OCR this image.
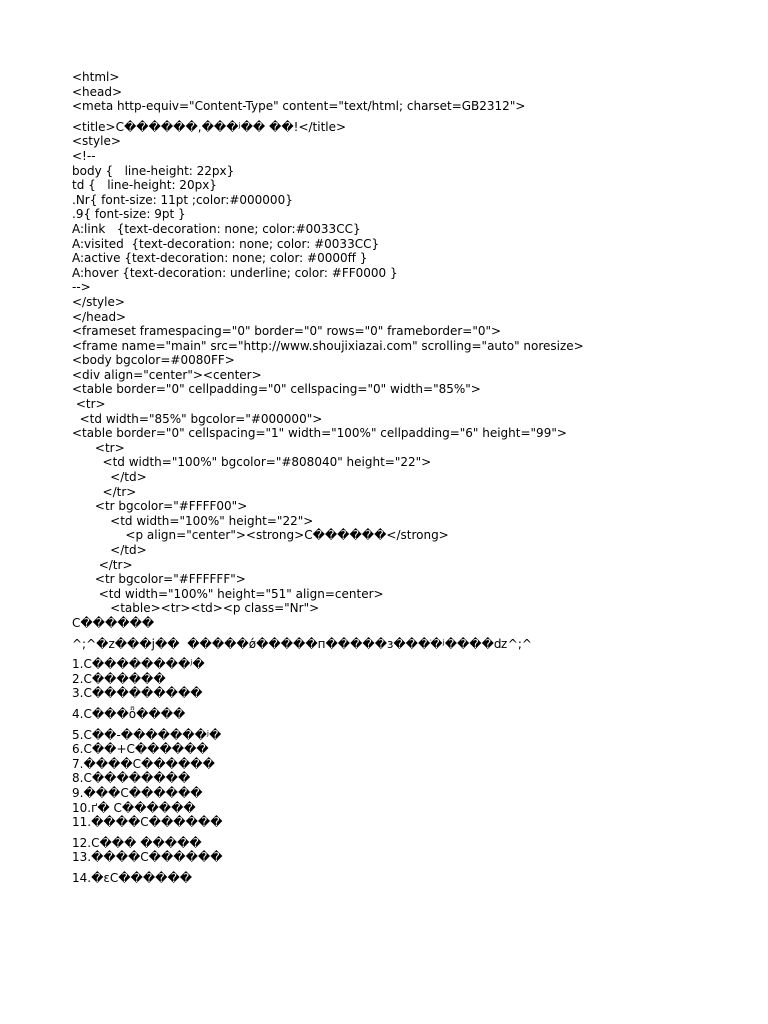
<html>
<head>
<meta http-equiv="Content-Type" content="text/html; charset=GB2312">
<title>C������,���ʲ�� ��!</title>
<style>
<!--
body {   line-height: 22px}
td {   line-height: 20px}
.Nr{ font-size: 11pt ;color:#000000}
.9{ font-size: 9pt }
A:link   {text-decoration: none; color:#0033CC}
A:visited  {text-decoration: none; color: #0033CC}
A:active {text-decoration: none; color: #0000ff }
A:hover {text-decoration: underline; color: #FF0000 }
-->
</style>
</head>
<frameset framespacing="0" border="0" rows="0" frameborder="0">
<frame name="main" src="http://www.shoujixiazai.com" scrolling="auto" noresize>
<body bgcolor=#0080FF>
<div align="center"><center>
<table border="0" cellpadding="0" cellspacing="0" width="85%">
<tr>
<td width="85%" bgcolor="#000000">
<table border="0" cellspacing="1" width="100%" cellpadding="6" height="99">
<tr>
<td width="100%" bgcolor="#808040" height="22">
</td>
</tr>
<tr bgcolor="#FFFF00">
<td width="100%" height="22">
<p align="center"><strong>C������</strong>
</td>
</tr>
<tr bgcolor="#FFFFFF">
<td width="100%" height="51" align=center>
<table><tr><td><p class="Nr">
C������
^;^�z���j��  �����ǿ�����п�����з���ֹ�ʲ����ǳ^;^
1.C��������ʲ�
2.C������
3.C���������
4.C���ȫ����
5.C��-�������ʲ�
6.C��+C������
7.����C������
8.C��������
9.���C������
10.ґ� C������
11.����C������
12.C��� �����
13.����C������
14.�ɛC������
